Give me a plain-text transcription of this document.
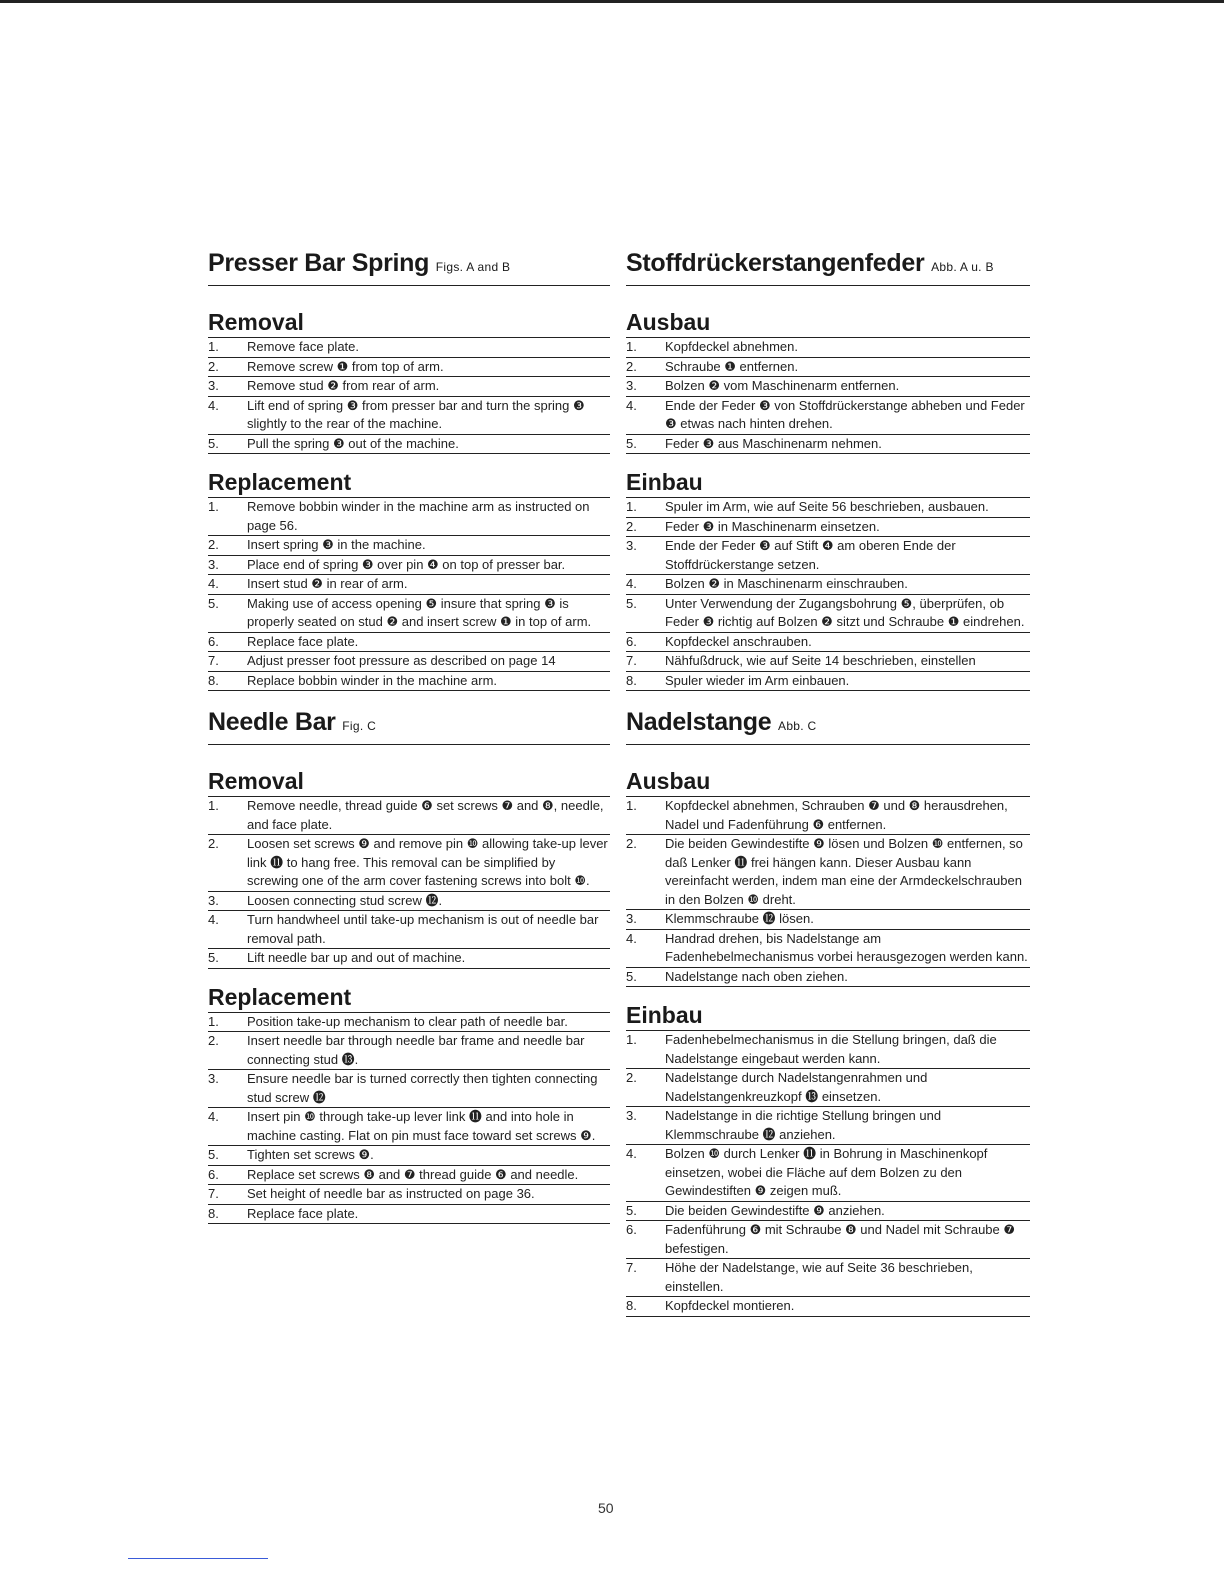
Presser Bar Spring Figs. A and B
Removal
1.	Remove face plate.
2.	Remove screw ❶ from top of arm.
3.	Remove stud ❷ from rear of arm.
4.	Lift end of spring ❸ from presser bar and turn the spring ❸ slightly to the rear of the machine.
5.	Pull the spring ❸ out of the machine.
Replacement
1.	Remove bobbin winder in the machine arm as instructed on page 56.
2.	Insert spring ❸ in the machine.
3.	Place end of spring ❸ over pin ❹ on top of presser bar.
4.	Insert stud ❷ in rear of arm.
5.	Making use of access opening ❺ insure that spring ❸ is properly seated on stud ❷ and insert screw ❶ in top of arm.
6.	Replace face plate.
7.	Adjust presser foot pressure as described on page 14
8.	Replace bobbin winder in the machine arm.
Needle Bar Fig. C
Removal
1.	Remove needle, thread guide ❻ set screws ❼ and ❽, needle, and face plate.
2.	Loosen set screws ❾ and remove pin ❿ allowing take-up lever link ⓫ to hang free. This removal can be simplified by screwing one of the arm cover fastening screws into bolt ❿.
3.	Loosen connecting stud screw ⓬.
4.	Turn handwheel until take-up mechanism is out of needle bar removal path.
5.	Lift needle bar up and out of machine.
Replacement
1.	Position take-up mechanism to clear path of needle bar.
2.	Insert needle bar through needle bar frame and needle bar connecting stud ⓭.
3.	Ensure needle bar is turned correctly then tighten connecting stud screw ⓬
4.	Insert pin ❿ through take-up lever link ⓫ and into hole in machine casting. Flat on pin must face toward set screws ❾.
5.	Tighten set screws ❾.
6.	Replace set screws ❽ and ❼ thread guide ❻ and needle.
7.	Set height of needle bar as instructed on page 36.
8.	Replace face plate.
Stoffdrückerstangenfeder Abb. A u. B
Ausbau
1.	Kopfdeckel abnehmen.
2.	Schraube ❶ entfernen.
3.	Bolzen ❷ vom Maschinenarm entfernen.
4.	Ende der Feder ❸ von Stoffdrückerstange abheben und Feder ❸ etwas nach hinten drehen.
5.	Feder ❸ aus Maschinenarm nehmen.
Einbau
1.	Spuler im Arm, wie auf Seite 56 beschrieben, ausbauen.
2.	Feder ❸ in Maschinenarm einsetzen.
3.	Ende der Feder ❸ auf Stift ❹ am oberen Ende der Stoffdrückerstange setzen.
4.	Bolzen ❷ in Maschinenarm einschrauben.
5.	Unter Verwendung der Zugangsbohrung ❺, überprüfen, ob Feder ❸ richtig auf Bolzen ❷ sitzt und Schraube ❶ eindrehen.
6.	Kopfdeckel anschrauben.
7.	Nähfußdruck, wie auf Seite 14 beschrieben, einstellen
8.	Spuler wieder im Arm einbauen.
Nadelstange Abb. C
Ausbau
1.	Kopfdeckel abnehmen, Schrauben ❼ und ❽ herausdrehen, Nadel und Fadenführung ❻ entfernen.
2.	Die beiden Gewindestifte ❾ lösen und Bolzen ❿ entfernen, so daß Lenker ⓫ frei hängen kann. Dieser Ausbau kann vereinfacht werden, indem man eine der Armdeckelschrauben in den Bolzen ❿ dreht.
3.	Klemmschraube ⓬ lösen.
4.	Handrad drehen, bis Nadelstange am Fadenhebelmechanismus vorbei herausgezogen werden kann.
5.	Nadelstange nach oben ziehen.
Einbau
1.	Fadenhebelmechanismus in die Stellung bringen, daß die Nadelstange eingebaut werden kann.
2.	Nadelstange durch Nadelstangenrahmen und Nadelstangenkreuzkopf ⓭ einsetzen.
3.	Nadelstange in die richtige Stellung bringen und Klemmschraube ⓬ anziehen.
4.	Bolzen ❿ durch Lenker ⓫ in Bohrung in Maschinenkopf einsetzen, wobei die Fläche auf dem Bolzen zu den Gewindestiften ❾ zeigen muß.
5.	Die beiden Gewindestifte ❾ anziehen.
6.	Fadenführung ❻ mit Schraube ❽ und Nadel mit Schraube ❼ befestigen.
7.	Höhe der Nadelstange, wie auf Seite 36 beschrieben, einstellen.
8.	Kopfdeckel montieren.
50
